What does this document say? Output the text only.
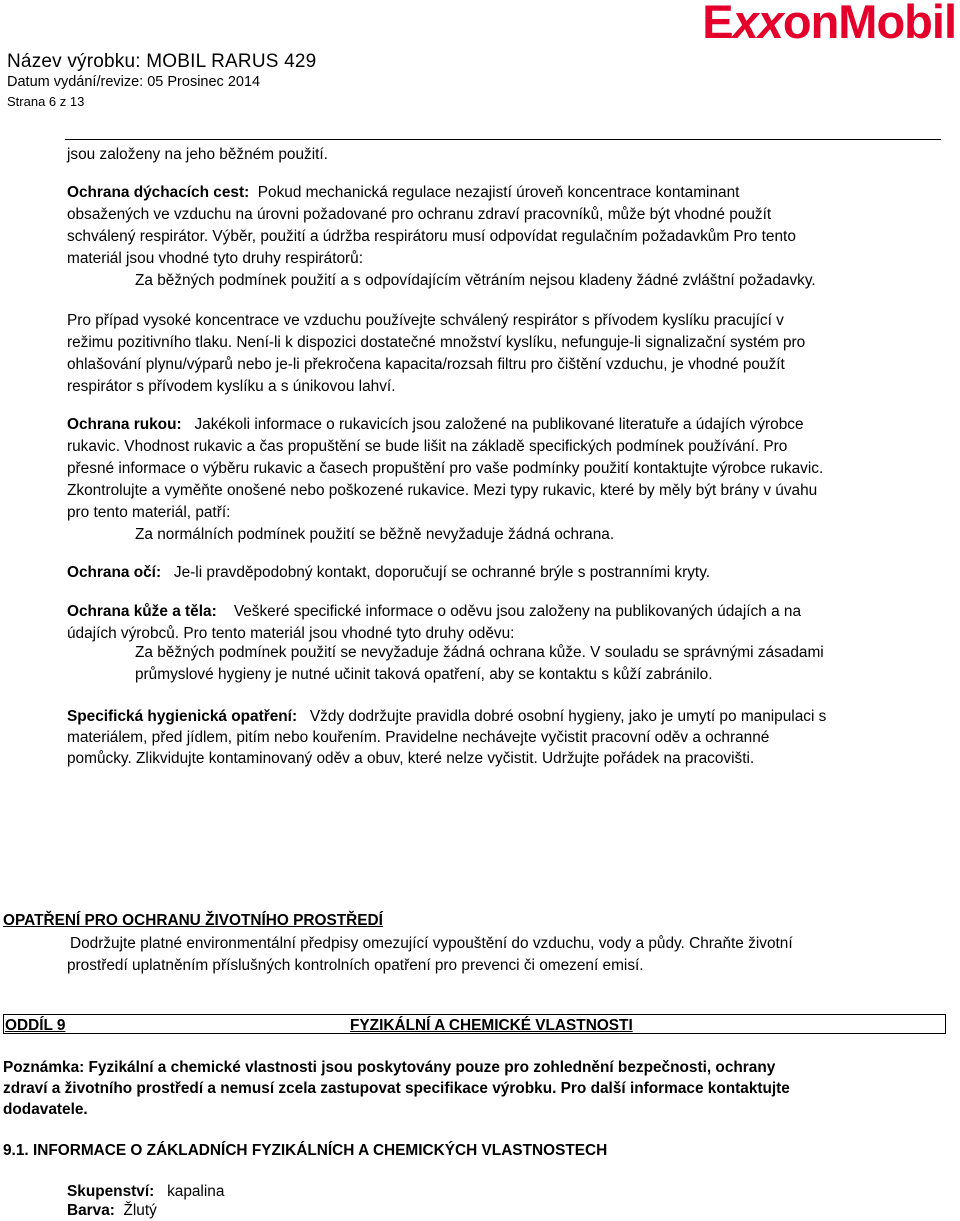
Název výrobku: MOBIL RARUS 429
Datum vydání/revize: 05 Prosinec 2014
Strana 6 z 13
ExxonMobil
jsou založeny na jeho běžném použití.
Ochrana dýchacích cest: Pokud mechanická regulace nezajistí úroveň koncentrace kontaminant
obsažených ve vzduchu na úrovni požadované pro ochranu zdraví pracovníků, může být vhodné použít
schválený respirátor. Výběr, použití a údržba respirátoru musí odpovídat regulačním požadavkům Pro tento
materiál jsou vhodné tyto druhy respirátorů:
Za běžných podmínek použití a s odpovídajícím větráním nejsou kladeny žádné zvláštní požadavky.
Pro případ vysoké koncentrace ve vzduchu používejte schválený respirátor s přívodem kyslíku pracující v
režimu pozitivního tlaku. Není-li k dispozici dostatečné množství kyslíku, nefunguje-li signalizační systém pro
ohlašování plynu/výparů nebo je-li překročena kapacita/rozsah filtru pro čištění vzduchu, je vhodné použít
respirátor s přívodem kyslíku a s únikovou lahví.
Ochrana rukou: Jakékoli informace o rukavicích jsou založené na publikované literatuře a údajích výrobce
rukavic. Vhodnost rukavic a čas propuštění se bude lišit na základě specifických podmínek používání. Pro
přesné informace o výběru rukavic a časech propuštění pro vaše podmínky použití kontaktujte výrobce rukavic.
Zkontrolujte a vyměňte onošené nebo poškozené rukavice. Mezi typy rukavic, které by měly být brány v úvahu
pro tento materiál, patří:
Za normálních podmínek použití se běžně nevyžaduje žádná ochrana.
Ochrana očí: Je-li pravděpodobný kontakt, doporučují se ochranné brýle s postranními kryty.
Ochrana kůže a těla: Veškeré specifické informace o oděvu jsou založeny na publikovaných údajích a na
údajích výrobců. Pro tento materiál jsou vhodné tyto druhy oděvu:
Za běžných podmínek použití se nevyžaduje žádná ochrana kůže. V souladu se správnými zásadami
průmyslové hygieny je nutné učinit taková opatření, aby se kontaktu s kůží zabránilo.
Specifická hygienická opatření: Vždy dodržujte pravidla dobré osobní hygieny, jako je umytí po manipulaci s
materiálem, před jídlem, pitím nebo kouřením. Pravidelne nechávejte vyčistit pracovní oděv a ochranné
pomůcky. Zlikvidujte kontaminovaný oděv a obuv, které nelze vyčistit. Udržujte pořádek na pracovišti.
OPATŘENÍ PRO OCHRANU ŽIVOTNÍHO PROSTŘEDÍ
Dodržujte platné environmentální předpisy omezující vypouštění do vzduchu, vody a půdy. Chraňte životní
prostředí uplatněním příslušných kontrolních opatření pro prevenci či omezení emisí.
ODDÍL 9	FYZIKÁLNÍ A CHEMICKÉ VLASTNOSTI
Poznámka: Fyzikální a chemické vlastnosti jsou poskytovány pouze pro zohlednění bezpečnosti, ochrany
zdraví a životního prostředí a nemusí zcela zastupovat specifikace výrobku. Pro další informace kontaktujte
dodavatele.
9.1. INFORMACE O ZÁKLADNÍCH FYZIKÁLNÍCH A CHEMICKÝCH VLASTNOSTECH
Skupenství: kapalina
Barva: Žlutý
